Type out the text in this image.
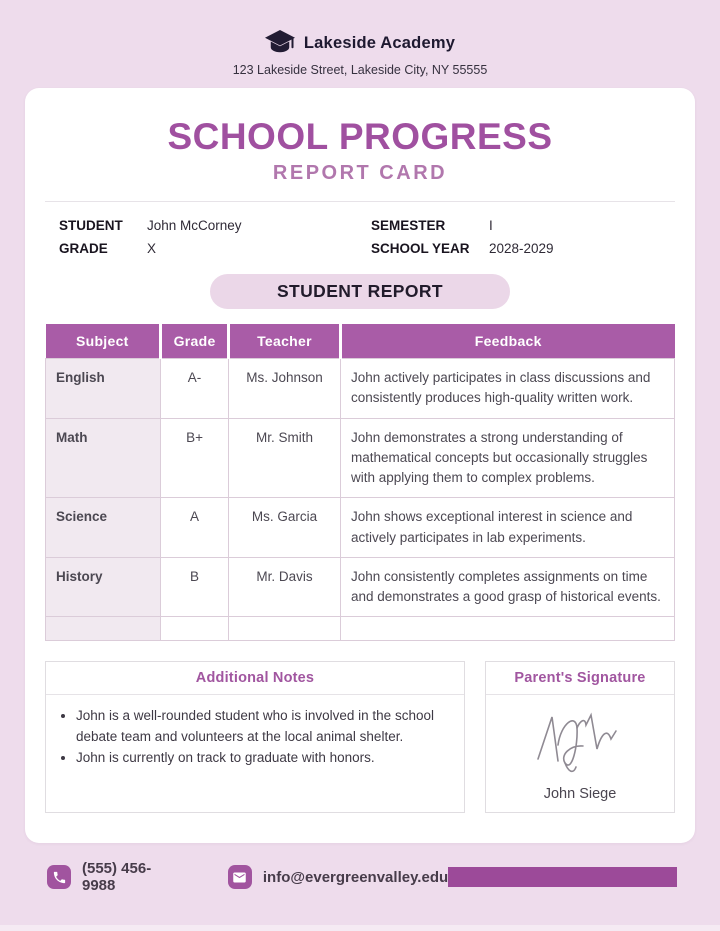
Lakeside Academy
123 Lakeside Street, Lakeside City, NY 55555
SCHOOL PROGRESS
REPORT CARD
STUDENT	John McCorney
GRADE	X
SEMESTER	I
SCHOOL YEAR	2028-2029
STUDENT REPORT
Subject	Grade	Teacher	Feedback
English	A-	Ms. Johnson	John actively participates in class discussions and consistently produces high-quality written work.
Math	B+	Mr. Smith	John demonstrates a strong understanding of mathematical concepts but occasionally struggles with applying them to complex problems.
Science	A	Ms. Garcia	John shows exceptional interest in science and actively participates in lab experiments.
History	B	Mr. Davis	John consistently completes assignments on time and demonstrates a good grasp of historical events.

Additional Notes
• John is a well-rounded student who is involved in the school debate team and volunteers at the local animal shelter.
• John is currently on track to graduate with honors.
Parent's Signature
John Siege
(555) 456-9988	info@evergreenvalley.edu
